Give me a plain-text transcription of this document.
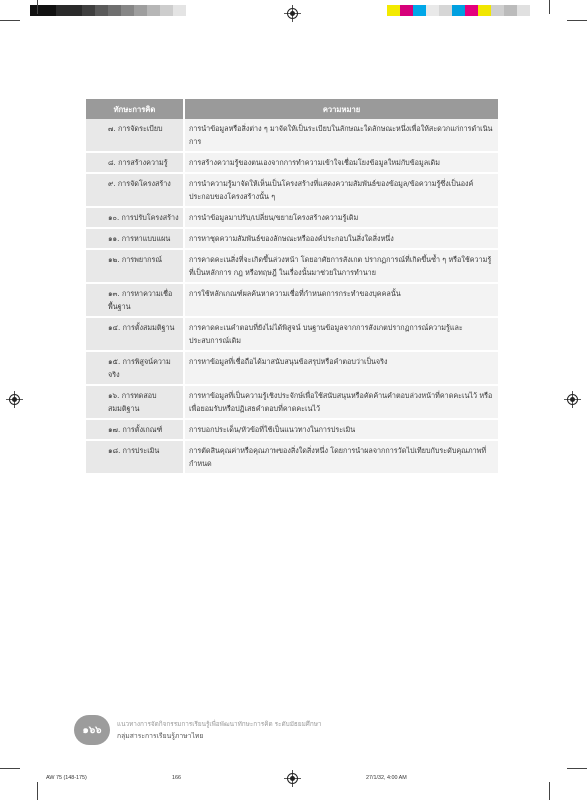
ทักษะการคิด	ความหมาย
๗. การจัดระเบียบ	การนำข้อมูลหรือสิ่งต่าง ๆ มาจัดให้เป็นระเบียบในลักษณะใดลักษณะหนึ่งเพื่อให้สะดวกแก่การดำเนินการ
๘. การสร้างความรู้	การสร้างความรู้ของตนเองจากการทำความเข้าใจเชื่อมโยงข้อมูลใหม่กับข้อมูลเดิม
๙. การจัดโครงสร้าง	การนำความรู้มาจัดให้เห็นเป็นโครงสร้างที่แสดงความสัมพันธ์ของข้อมูล/ข้อความรู้ซึ่งเป็นองค์ประกอบของโครงสร้างนั้น ๆ
๑๐. การปรับโครงสร้าง	การนำข้อมูลมาปรับ/เปลี่ยน/ขยายโครงสร้างความรู้เดิม
๑๑. การหาแบบแผน	การหาชุดความสัมพันธ์ของลักษณะหรือองค์ประกอบในสิ่งใดสิ่งหนึ่ง
๑๒. การพยากรณ์	การคาดคะเนสิ่งที่จะเกิดขึ้นล่วงหน้า โดยอาศัยการสังเกต ปรากฏการณ์ที่เกิดขึ้นซ้ำ ๆ หรือใช้ความรู้ที่เป็นหลักการ กฎ หรือทฤษฎี ในเรื่องนั้นมาช่วยในการทำนาย
๑๓. การหาความเชื่อพื้นฐาน	การใช้หลักเกณฑ์ผลค้นหาความเชื่อที่กำหนดการกระทำของบุคคลนั้น
๑๔. การตั้งสมมติฐาน	การคาดคะเนคำตอบที่ยังไม่ได้พิสูจน์ บนฐานข้อมูลจากการสังเกตปรากฏการณ์ความรู้และประสบการณ์เดิม
๑๕. การพิสูจน์ความจริง	การหาข้อมูลที่เชื่อถือได้มาสนับสนุนข้อสรุปหรือคำตอบว่าเป็นจริง
๑๖. การทดสอบสมมติฐาน	การหาข้อมูลที่เป็นความรู้เชิงประจักษ์เพื่อใช้สนับสนุนหรือคัดค้านคำตอบล่วงหน้าที่คาดคะเนไว้ หรือเพื่อยอมรับหรือปฏิเสธคำตอบที่คาดคะเนไว้
๑๗. การตั้งเกณฑ์	การบอกประเด็น/หัวข้อที่ใช้เป็นแนวทางในการประเมิน
๑๘. การประเมิน	การตัดสินคุณค่าหรือคุณภาพของสิ่งใดสิ่งหนึ่ง โดยการนำผลจากการวัดไปเทียบกับระดับคุณภาพที่กำหนด
๑๖๖
แนวทางการจัดกิจกรรมการเรียนรู้เพื่อพัฒนาทักษะการคิด ระดับมัธยมศึกษา
กลุ่มสาระการเรียนรู้ภาษาไทย
AW 75 (148-175)	166	27/1/32, 4:00 AM
